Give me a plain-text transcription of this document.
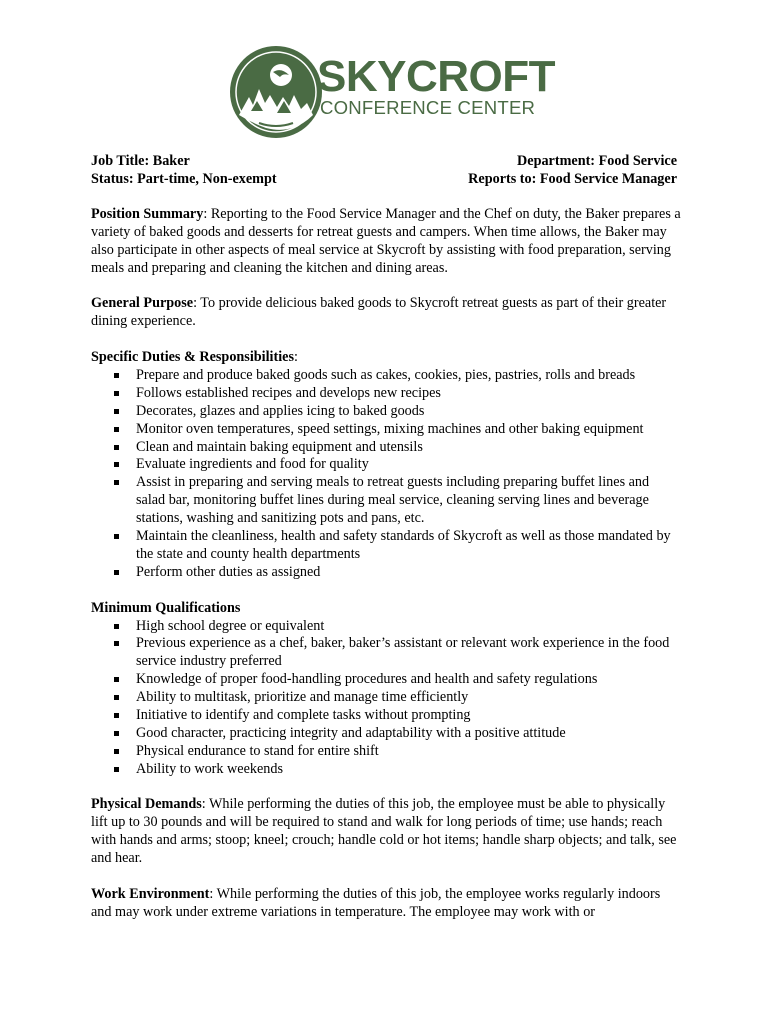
SKYCROFT
CONFERENCE CENTER
Job Title: Baker	Department: Food Service
Status: Part-time, Non-exempt	Reports to: Food Service Manager

Position Summary: Reporting to the Food Service Manager and the Chef on duty, the Baker prepares a variety of baked goods and desserts for retreat guests and campers. When time allows, the Baker may also participate in other aspects of meal service at Skycroft by assisting with food preparation, serving meals and preparing and cleaning the kitchen and dining areas.

General Purpose: To provide delicious baked goods to Skycroft retreat guests as part of their greater dining experience.

Specific Duties & Responsibilities:
Prepare and produce baked goods such as cakes, cookies, pies, pastries, rolls and breads
Follows established recipes and develops new recipes
Decorates, glazes and applies icing to baked goods
Monitor oven temperatures, speed settings, mixing machines and other baking equipment
Clean and maintain baking equipment and utensils
Evaluate ingredients and food for quality
Assist in preparing and serving meals to retreat guests including preparing buffet lines and salad bar, monitoring buffet lines during meal service, cleaning serving lines and beverage stations, washing and sanitizing pots and pans, etc.
Maintain the cleanliness, health and safety standards of Skycroft as well as those mandated by the state and county health departments
Perform other duties as assigned
Minimum Qualifications
High school degree or equivalent
Previous experience as a chef, baker, baker’s assistant or relevant work experience in the food service industry preferred
Knowledge of proper food-handling procedures and health and safety regulations
Ability to multitask, prioritize and manage time efficiently
Initiative to identify and complete tasks without prompting
Good character, practicing integrity and adaptability with a positive attitude
Physical endurance to stand for entire shift
Ability to work weekends

Physical Demands: While performing the duties of this job, the employee must be able to physically lift up to 30 pounds and will be required to stand and walk for long periods of time; use hands; reach with hands and arms; stoop; kneel; crouch; handle cold or hot items; handle sharp objects; and talk, see and hear.

Work Environment: While performing the duties of this job, the employee works regularly indoors and may work under extreme variations in temperature. The employee may work with or
